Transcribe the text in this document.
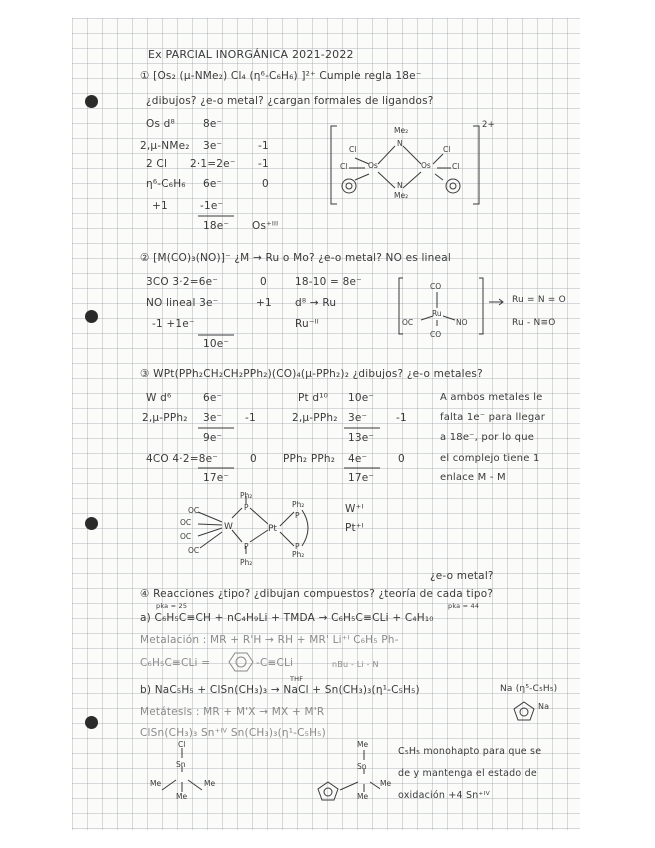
Ex PARCIAL INORGÁNICA 2021-2022
① [Os₂ (μ-NMe₂) Cl₄ (η⁶-C₆H₆) ]²⁺ Cumple regla 18e⁻
¿dibujos? ¿e-o metal? ¿cargan formales de ligandos?
Os d⁸	8e⁻
2,μ-NMe₂ 3e⁻	-1
2 Cl 2·1=2e⁻ -1
η⁶-C₆H₆ 6e⁻	0
+1	-1e⁻
18e⁻ Os⁺ᴵᴵᴵ
Me₂
N
Os	Os
N
Me₂
Cl
Cl
Cl
Cl
2+
② [M(CO)₃(NO)]⁻ ¿M → Ru o Mo? ¿e-o metal? NO es lineal
3CO 3·2=6e⁻	0	18-10 = 8e⁻
NO lineal 3e⁻	+1 d⁸ → Ru
-1 +1e⁻	Ru⁻ᴵᴵ
10e⁻
CO
Ru
OC	NO
CO
Ru = N = O
Ru - N≡O
③ WPt(PPh₂CH₂CH₂PPh₂)(CO)₄(μ-PPh₂)₂ ¿dibujos? ¿e-o metales?
W d⁶	6e⁻
2,μ-PPh₂ 3e⁻ -1
9e⁻
4CO 4·2=8e⁻	0
17e⁻
Pt d¹⁰ 10e⁻
2,μ-PPh₂ 3e⁻	-1
13e⁻
PPh₂ PPh₂ 4e⁻	0
17e⁻
A ambos metales le
falta 1e⁻ para llegar
a 18e⁻, por lo que
el complejo tiene 1
enlace M - M
Ph₂
Ph₂
Ph₂
Ph₂
P
P
P
P
W	Pt
OC
OC
OC
OC
W⁺ᴵ
Pt⁺ᴵ
¿e-o metal?
④ Reacciones ¿tipo? ¿dibujan compuestos? ¿teoría de cada tipo?
pka = 25	pka = 44
a) C₆H₅C≡CH + nC₄H₉Li + TMDA → C₆H₅C≡CLi + C₄H₁₀
Metalación : MR + R'H → RH + MR' Li⁺ᴵ C₆H₅ Ph-
C₆H₅C≡CLi =	-C≡CLi	nBu - Li - N
b) NaC₅H₅ + ClSn(CH₃)₃ → NaCl + Sn(CH₃)₃(η¹-C₅H₅)
THF
Na (η⁵-C₅H₅)
Na
Metátesis : MR + M'X → MX + M'R
ClSn(CH₃)₃ Sn⁺ᴵⱽ Sn(CH₃)₃(η¹-C₅H₅)
Cl
Sn
Me	Me
Me
Me
Sn
Me
Me
C₅H₅ monohapto para que se
de y mantenga el estado de
oxidación +4 Sn⁺ᴵⱽ
